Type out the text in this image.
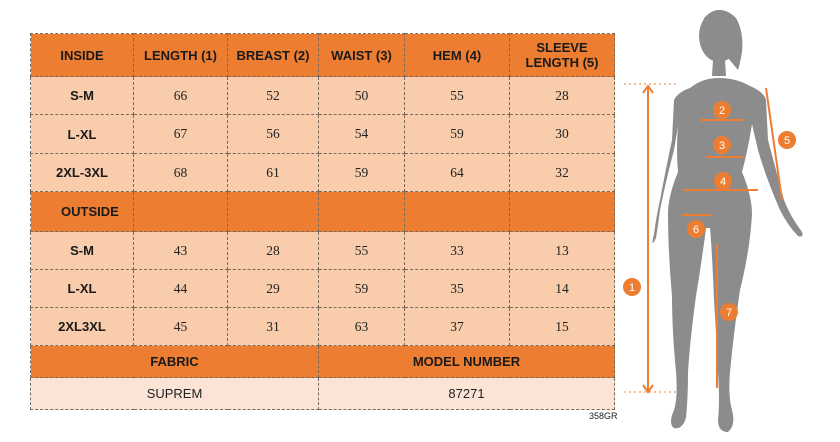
INSIDE	LENGTH (1)	BREAST (2)	WAIST (3)	HEM (4)	SLEEVE LENGTH (5)
S-M	66	52	50	55	28
L-XL	67	56	54	59	30
2XL-3XL	68	61	59	64	32
OUTSIDE					
S-M	43	28	55	33	13
L-XL	44	29	59	35	14
2XL3XL	45	31	63	37	15
FABRIC			MODEL NUMBER		
SUPREM			87271		
358GR
1
2
3
4
5
6
7
